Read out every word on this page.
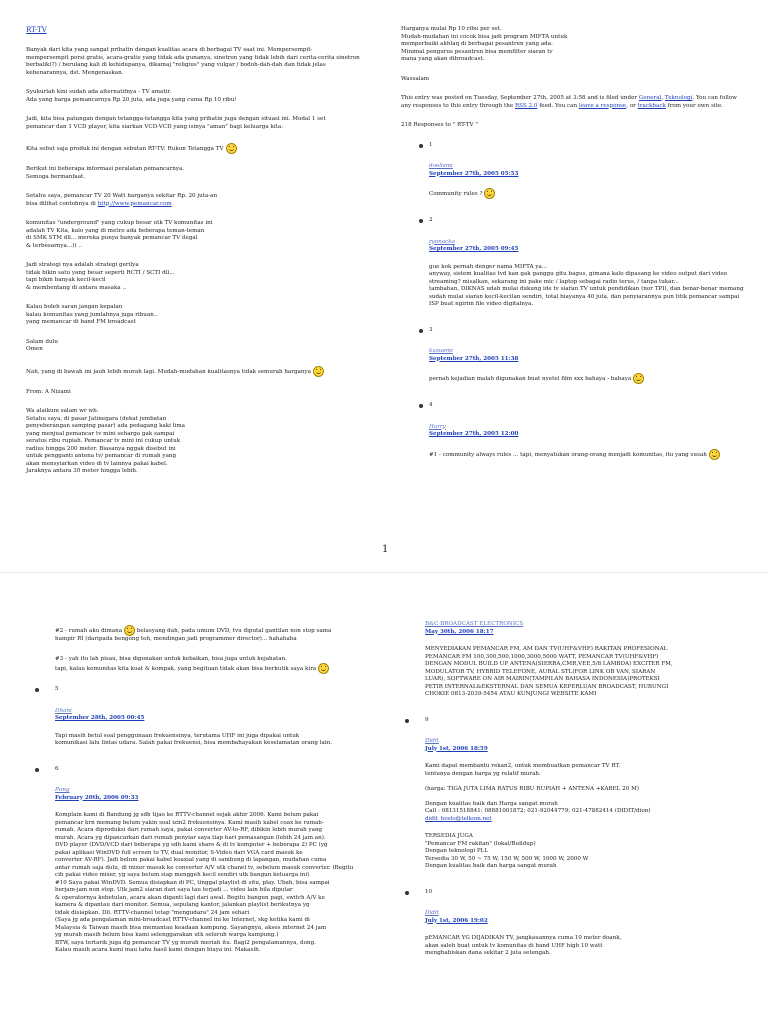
RT-TV

Banyak dari kita yang sangat prihatin dengan kualitas acara di berbagai TV saat ini. Mempersempit-
mempersempit porsi gratis, acara-gratis yang tidak ada gunanya, sinetron yang tidak lebih dari cerita-cerita sinetron
berbalik(?) / berulang kali di kehidupanya, dikamaj "religius" yang vulgar / bodoh-dah-dah dan tidak jelas
kebenarannya, dst. Mengenaskan.

Syukurlah kini sudah ada alternatifnya - TV amatir.
Ada yang harga pemancarnya Rp 20 juta, ada juga yang cuma Rp 10 ribu!

Jadi, kita bisa patungan dengan tetangga-tetangga kita yang prihatin juga dengan situasi ini. Modal 1 set
pemancar dan 1 VCD player, kita siarkan VCD-VCD yang isinya "aman" bagi keluarga kita.

Kita sebut saja produk ini dengan sebutan RT-TV: Rukun Tetangga TV

Berikut ini beberapa informasi peralatan pemancarnya.
Semoga bermanfaat.

Setahu saya, pemancar TV 20 Watt harganya sekitar Rp. 20 juta-an
bisa dilihat contohnya di http://www.pemancar.com

komunitas "underground" yang cukup besar utk TV komunitas ini
adalah TV Kita, kalo yang di metro ada beberapa teman-teman
di SMK STM dll... mereka punya banyak pemancar TV ilegal
& terbesarnya...)) ..

Jadi strategi nya adalah strategi gerilya
tidak bikin satu yang besar seperti RCTI / SCTI dll...
tapi bikin banyak kecil-kecil
& membentang di antara masaka ..

Kalau boleh saran jangan kepalan
kalau komunitas yang jumlahnya juga ribuan..
yang memancar di band FM broadcast

Salam dulu
Omen

Nah, yang di bawah ini jauh lebih murah lagi. Mudah-mudahan kualitasnya tidak semurah harganya

From: A Nizami

Wa alaikum salam wr wb.
Setahu saya, di pasar Jatinegara (dekat jembatan
penyeberangan samping pasar) ada pedagang kaki lima
yang menjual pemancar tv mini seharga gak sampai
seratus ribu rupiah. Pemancar tv mini ini cukup untuk
radius hingga 200 meter. Biasanya nggak disebut ini
untuk pengganti antena tv/ pemancar di rumah yang
akan mensyiarkan video di tv lainnya pakai kabel.
Jaraknya antara 30 meter hingga lebih.

Harganya mulai Rp 10 ribu per set.
Mudah-mudahan ini cocok bisa jadi program MIFTA untuk
memperbaiki akhlaq di berbagai pesantren yang ada.
Minimal pengurus pesantren bisa memfilter siaran tv
mana yang akan dibroadcast.

Wassalam

This entry was posted on Tuesday, September 27th, 2005 at 3:58 and is filed under General, Teknologi. You can follow any responses to this entry through the RSS 2.0 feed. You can leave a response, or trackback from your own site.

218 Responses to " RT-TV "

1
doelismi
September 27th, 2005 05:53
Community rules ?
2
ryonacka
September 27th, 2005 09:45
gue kok pernah denger nama MIFTA ya...
anyway, sistem kualitas tvd kan gak ganggu gitu bagus, gimana kalo dipasang ke video output dari video streaming? misalkan, sekarang ini pake mic / laptop sebagai radio terus, / tanpa tukar...
tambahan, DIKNAS udah mulai dukung ide tv siaran TV untuk pendidikan (nor TPI), dan benar-benar memang sudah mulai siaran kecil-kecilan sendiri, total biayanya 40 juta, dan penyiarannya pun titik pemancar sampai ISP buat ngirim file video digitalnya.
3
kusuemi
September 27th, 2005 11:38
pernah kejadian malah digunakan buat nyetel film xxx bahaya - bahaya
4
Harry
September 27th, 2005 12:00
#1 - community always rules ... tapi, menyatukan orang-orang menjadi komunitas, itu yang susah
1

#2 - rumah aku dimana	belasyang dah, pada umum DVD, tvu diputal gantilan non stop sama
hampir RI (daripada bengong toh, mendingan jadi programmer director)... hahahaha

#3 - yah itu lah pisau, bisa digunakan untuk kebaikan, bisa juga untuk kejahatan.
tapi, kalau komunitas kita kuat & kompak, yang begituan tidak akan bisa berkutik saya kira

5
Dhani
September 28th, 2005 00:45
Tapi masih betul soal penggunaan frekuensinya, terutama UHF ini juga dipakai untuk
komunikasi lalu lintas udara. Salah pakai frekuensi, bisa membahayakan keselamatan orang lain.
6
Pung
February 20th, 2006 09:33
Komplain kami di Bandung jg sdh tijao ke RTTV-channel sejak akhir 2006. Kami belum pakai
pemancar krn memang belum yakin soal izin2 frekuensinya. Kami masih kabel coax ke rumah-
rumah. Acara diproduksi dari rumah saya, pakai converter AV-to-RF, dibikin lebih murah yang
murah. Acara yg dipancarkan dari rumah penyiar saya tiap hari pemasangan (lebih 24 jam an).
DVD player (DVD/VCD dari beberapa yg sdh kami share & di tv komputer + beberapa 2) PC (yg
pakai aplikasi WinDVD full screen to TV, dual monitor, S-Video dari VGA card masuk ke
converter AV-RF). Jadi belum pakai kabel koaxial yang di sambung di lapangan, mudahan cuma
antar rumah saja dulu, di mixer masuk ke converter A/V utk chanel tv, sebelum masuk converter. (Begitu
cih pakai video mixer, yg saya belum siap menggeh kecil sendiri utk bangun keluarga ini)
#10 Saya pakai WinDVD. Semua disiapkan di PC, tinggal playlist di situ, play. Ubah, bisa sampai
berjam-jam non stop. Utk jam2 siaran dari saya tau terjadi ... video lain bila diputar
& operatornya kebetulan, acara akan diganti lagi dari awal. Begitu bangun pagi, switch A/V ke
kamera & dipantau dari monitor. Semua, sepulang kantor, jalankan playlist berikutnya yg
tidak disiapkan. Dll. RTTV-channel tetap "mengudara" 24 jam sehari
(Saya jg ada pengalaman mini-broadcast RTTV-channel ini ke Internet, skg ketika kami di
Malaysia & Taiwan masih bisa memantau keadaan kampung. Sayangnya, akses internet 24 jam
yg murah masih belum bisa kami selenggarakan utk seluruh warga kampung.)
BTW, saya tertarik juga dg pemancar TV yg murah meriah itu. Bagi2 pengalamannya, dong.
Kalau masih acara kami mau tahu hasil kami dengan biaya ini. Makasih.
B&C BROADCAST ELECTRONICS
May 30th, 2006 18:17
MENYEDIAKAN PEMANCAR FM, AM DAN TV(UHF&VHF) RAKITAN PROFESIONAL
PEMANCAR FM 100,300,500,1000,3000,5000 WATT, PEMANCAR TV(UHF&VHF)
DENGAN MODUL BUILD UP ANTENA(SIERRA,CMR,VEE,5/8 LAMBDA) EXCITER FM,
MODULATOR TV, HYBRID TELEFONE, AURAL STL(FOR LINK OB VAN, SIARAN
LUAR), SOFTWARE ON AIR MAIRIN(TAMPILAN BAHASA INDONESIA)PROTEKSI
PETIR INTERNAL&EKSTERNAL DAN SEMUA KEPERLUAN BROADCAST, HUBUNGI
CHOKIE 0813-2039-5454 ATAU KUNJUNGI WEBSITE KAMI
9
Didit
July 1st, 2006 18:59
Kami dapat membantu rekan2, untuk membuatkan pemancar TV RT.
tentunya dengan harga yg relatif murah.

(harga: TIGA JUTA LIMA RATUS RIBU RUPIAH + ANTENA +KABEL 20 M)

Dengan kualitas baik dan Harga sangat murah
Call : 08131518841; 08881001872; 021-92044779; 021-47882414 (DIDIT/dion)

didit_hosts@telkom.net
TERSEDIA JUGA
"Pemancar FM rakitan" (lokal/Buildup)
Dengan teknologi PLL
Tersedia 30 W, 50 ~ 75 W, 150 W, 500 W, 1000 W, 2000 W
Dengan kualitas baik dan harga sangat murah
10
Didit
July 1st, 2006 19:02
pEMANCAR YG DIJADIKAN TV, jangkauannya cuma 10 meter doank,
akan saleh buat untuk tv komunitas di band UHF high 10 watt
menghabiskan dana sekitar 2 juta setengah.
